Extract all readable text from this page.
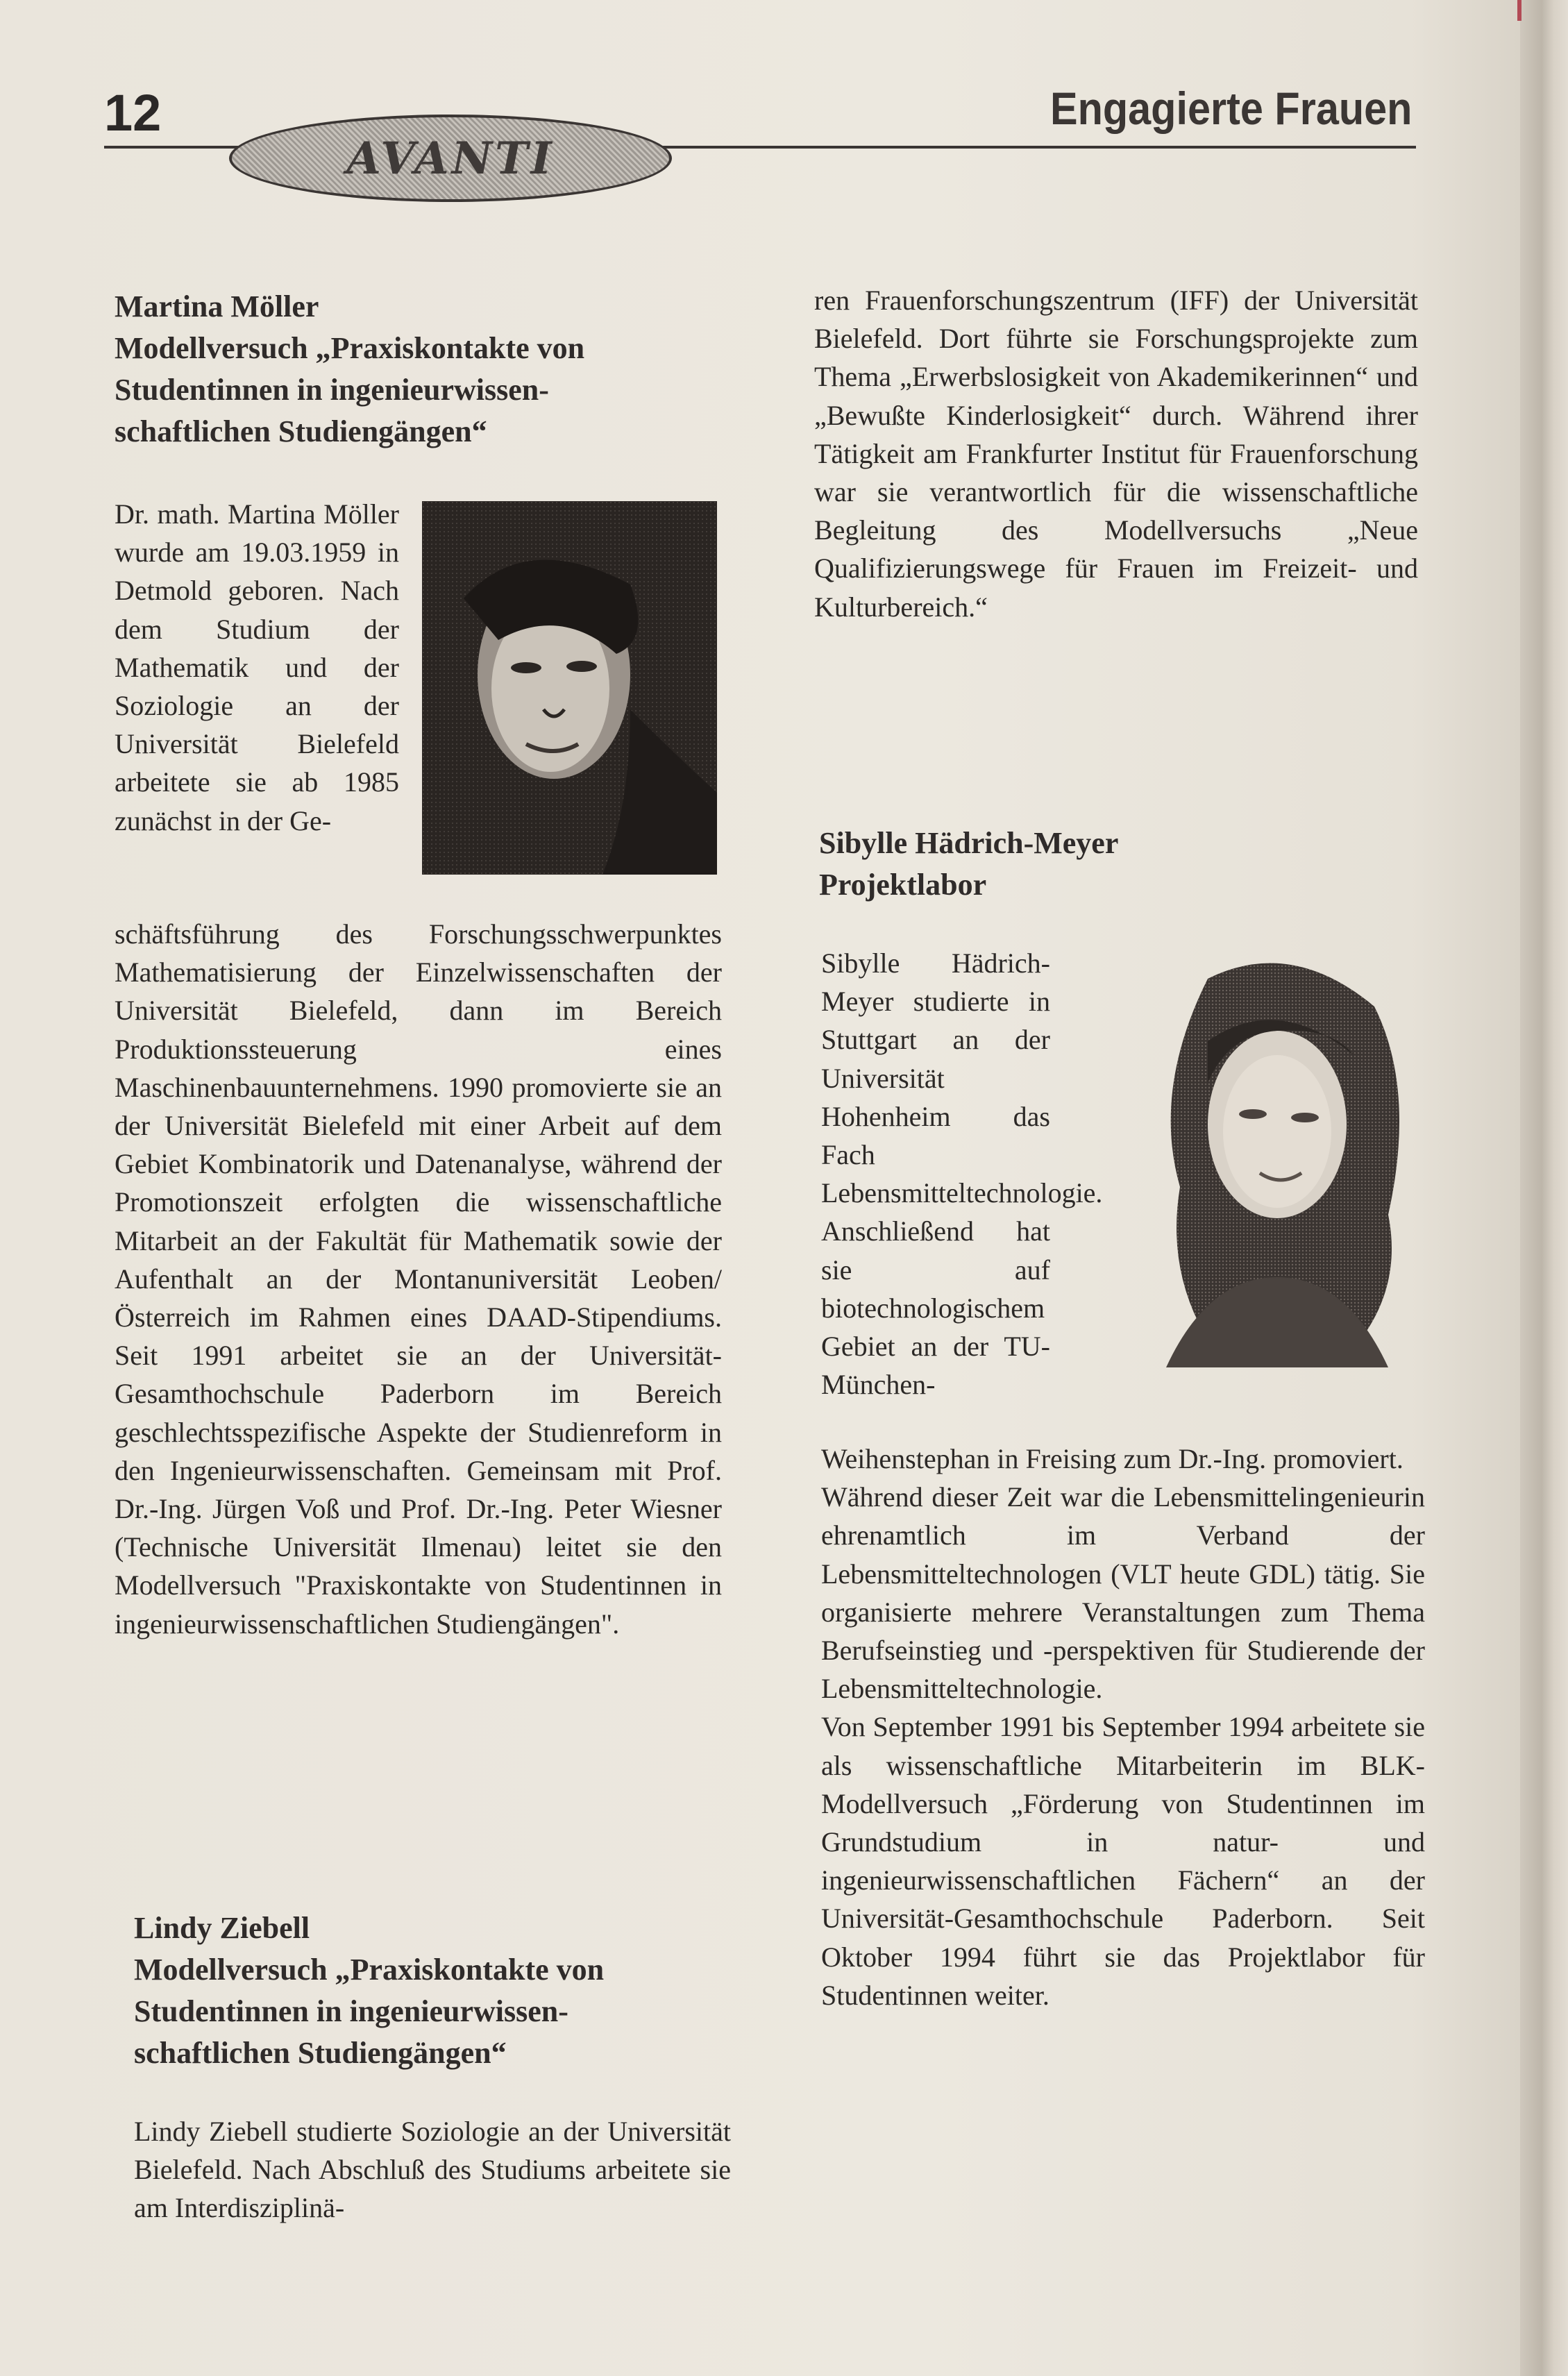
12
AVANTI
Engagierte Frauen
Martina Möller
Modellversuch „Praxiskontakte von Studentinnen in ingenieurwissen-schaftlichen Studiengängen“

Dr. math. Martina Möller wurde am 19.03.1959 in Detmold geboren. Nach dem Studium der Mathematik und der Soziologie an der Universität Bielefeld arbeitete sie ab 1985 zunächst in der Ge-

schäftsführung des Forschungsschwerpunktes Mathematisierung der Einzelwissenschaften der Universität Bielefeld, dann im Bereich Produktionssteuerung eines Maschinenbauunternehmens. 1990 promovierte sie an der Universität Bielefeld mit einer Arbeit auf dem Gebiet Kombinatorik und Datenanalyse, während der Promotionszeit erfolgten die wissenschaftliche Mitarbeit an der Fakultät für Mathematik sowie der Aufenthalt an der Montanuniversität Leoben/Österreich im Rahmen eines DAAD-Stipendiums. Seit 1991 arbeitet sie an der Universität-Gesamthochschule Paderborn im Bereich geschlechtsspezifische Aspekte der Studienreform in den Ingenieurwissenschaften. Gemeinsam mit Prof. Dr.-Ing. Jürgen Voß und Prof. Dr.-Ing. Peter Wiesner (Technische Universität Ilmenau) leitet sie den Modellversuch "Praxiskontakte von Studentinnen in ingenieurwissenschaftlichen Studiengängen".

Lindy Ziebell
Modellversuch „Praxiskontakte von Studentinnen in ingenieurwissen-schaftlichen Studiengängen“

Lindy Ziebell studierte Soziologie an der Universität Bielefeld. Nach Abschluß des Studiums arbeitete sie am Interdisziplinä-

ren Frauenforschungszentrum (IFF) der Universität Bielefeld. Dort führte sie Forschungsprojekte zum Thema „Erwerbslosigkeit von Akademikerinnen“ und „Bewußte Kinderlosigkeit“ durch. Während ihrer Tätigkeit am Frankfurter Institut für Frauenforschung war sie verantwortlich für die wissenschaftliche Begleitung des Modellversuchs „Neue Qualifizierungswege für Frauen im Freizeit- und Kulturbereich.“

Sibylle Hädrich-Meyer
Projektlabor

Sibylle Hädrich-Meyer studierte in Stuttgart an der Universität Hohenheim das Fach Lebensmitteltechnologie. Anschließend hat sie auf biotechnologischem Gebiet an der TU-München-

Weihenstephan in Freising zum Dr.-Ing. promoviert.

Während dieser Zeit war die Lebensmittelingenieurin ehrenamtlich im Verband der Lebensmitteltechnologen (VLT heute GDL) tätig. Sie organisierte mehrere Veranstaltungen zum Thema Berufseinstieg und -perspektiven für Studierende der Lebensmitteltechnologie.

Von September 1991 bis September 1994 arbeitete sie als wissenschaftliche Mitarbeiterin im BLK-Modellversuch „Förderung von Studentinnen im Grundstudium in natur- und ingenieurwissenschaftlichen Fächern“ an der Universität-Gesamthochschule Paderborn. Seit Oktober 1994 führt sie das Projektlabor für Studentinnen weiter.
